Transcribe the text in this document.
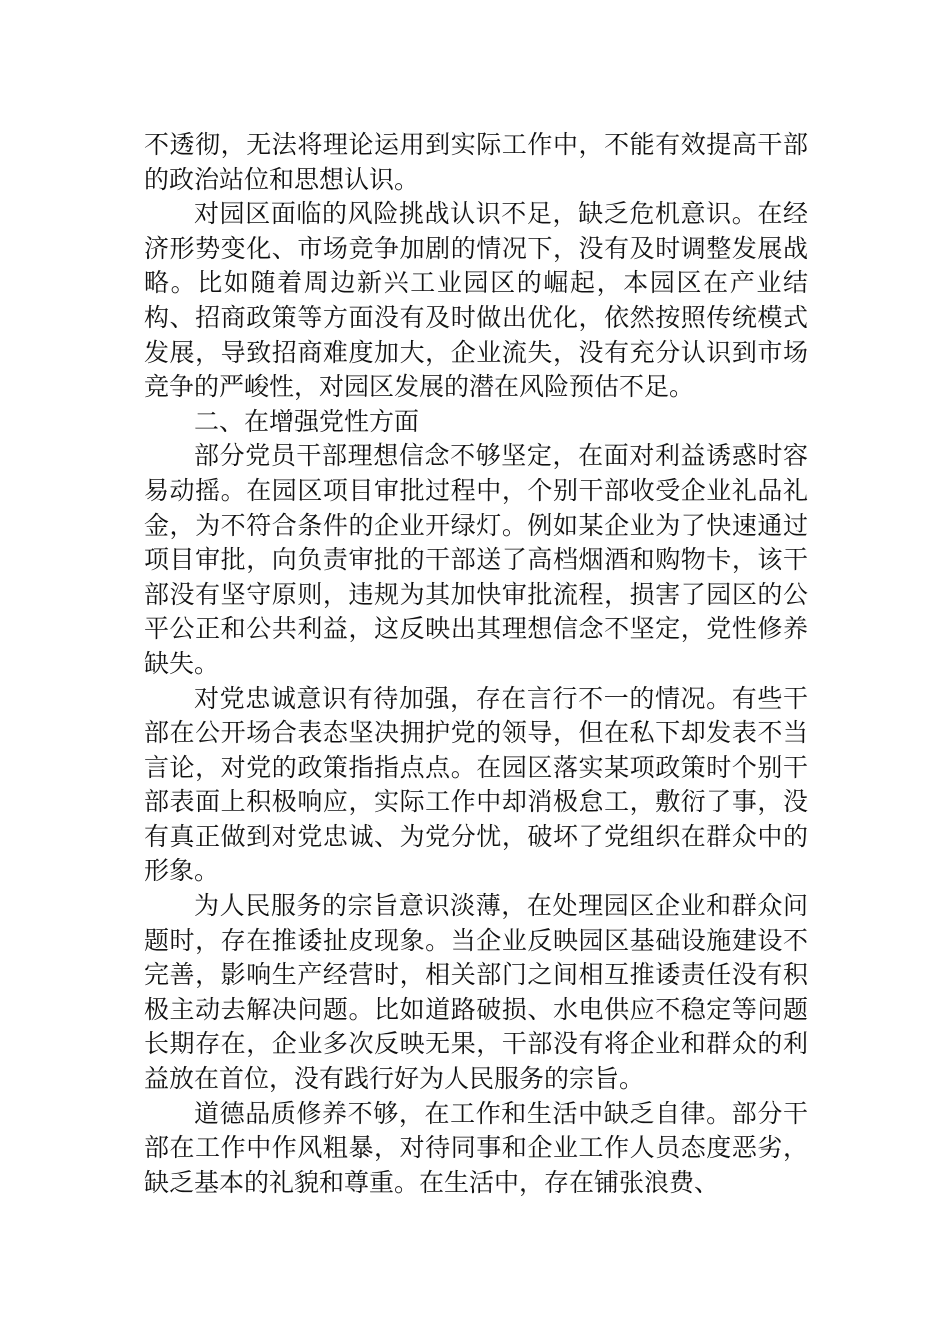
不透彻，无法将理论运用到实际工作中，不能有效提高干部的政治站位和思想认识。

对园区面临的风险挑战认识不足，缺乏危机意识。在经济形势变化、市场竞争加剧的情况下，没有及时调整发展战略。比如随着周边新兴工业园区的崛起，本园区在产业结构、招商政策等方面没有及时做出优化，依然按照传统模式发展，导致招商难度加大，企业流失，没有充分认识到市场竞争的严峻性，对园区发展的潜在风险预估不足。

二、在增强党性方面

部分党员干部理想信念不够坚定，在面对利益诱惑时容易动摇。在园区项目审批过程中，个别干部收受企业礼品礼金，为不符合条件的企业开绿灯。例如某企业为了快速通过项目审批，向负责审批的干部送了高档烟酒和购物卡，该干部没有坚守原则，违规为其加快审批流程，损害了园区的公平公正和公共利益，这反映出其理想信念不坚定，党性修养缺失。

对党忠诚意识有待加强，存在言行不一的情况。有些干部在公开场合表态坚决拥护党的领导，但在私下却发表不当言论，对党的政策指指点点。在园区落实某项政策时个别干部表面上积极响应，实际工作中却消极怠工，敷衍了事，没有真正做到对党忠诚、为党分忧，破坏了党组织在群众中的形象。

为人民服务的宗旨意识淡薄，在处理园区企业和群众问题时，存在推诿扯皮现象。当企业反映园区基础设施建设不完善，影响生产经营时，相关部门之间相互推诿责任没有积极主动去解决问题。比如道路破损、水电供应不稳定等问题长期存在，企业多次反映无果，干部没有将企业和群众的利益放在首位，没有践行好为人民服务的宗旨。

道德品质修养不够，在工作和生活中缺乏自律。部分干部在工作中作风粗暴，对待同事和企业工作人员态度恶劣，缺乏基本的礼貌和尊重。在生活中，存在铺张浪费、
